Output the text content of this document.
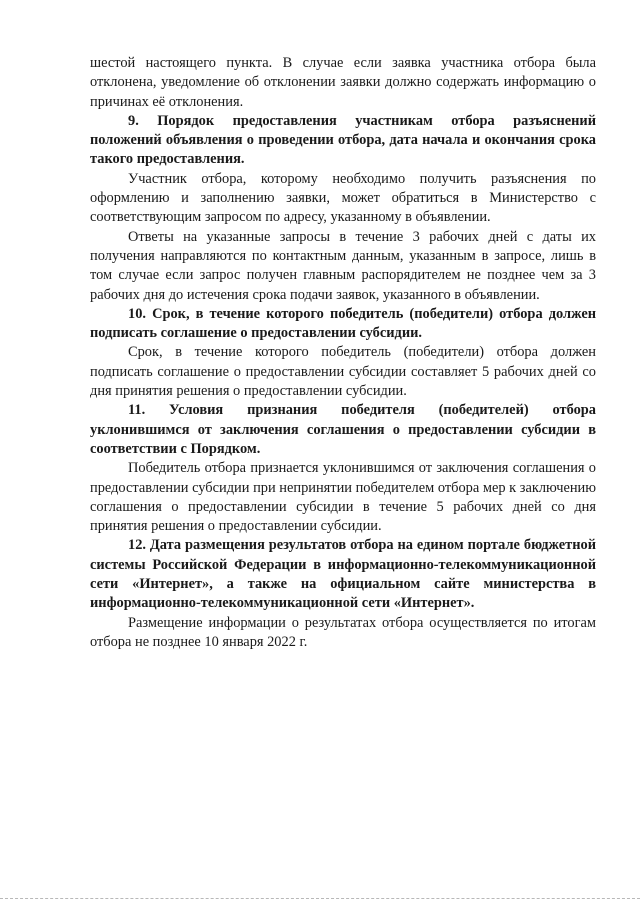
шестой настоящего пункта. В случае если заявка участника отбора была отклонена, уведомление об отклонении заявки должно содержать информацию о причинах её отклонения.

9. Порядок предоставления участникам отбора разъяснений положений объявления о проведении отбора, дата начала и окончания срока такого предоставления.

Участник отбора, которому необходимо получить разъяснения по оформлению и заполнению заявки, может обратиться в Министерство с соответствующим запросом по адресу, указанному в объявлении.

Ответы на указанные запросы в течение 3 рабочих дней с даты их получения направляются по контактным данным, указанным в запросе, лишь в том случае если запрос получен главным распорядителем не позднее чем за 3 рабочих дня до истечения срока подачи заявок, указанного в объявлении.

10. Срок, в течение которого победитель (победители) отбора должен подписать соглашение о предоставлении субсидии.

Срок, в течение которого победитель (победители) отбора должен подписать соглашение о предоставлении субсидии составляет 5 рабочих дней со дня принятия решения о предоставлении субсидии.

11. Условия признания победителя (победителей) отбора уклонившимся от заключения соглашения о предоставлении субсидии в соответствии с Порядком.

Победитель отбора признается уклонившимся от заключения соглашения о предоставлении субсидии при непринятии победителем отбора мер к заключению соглашения о предоставлении субсидии в течение 5 рабочих дней со дня принятия решения о предоставлении субсидии.

12. Дата размещения результатов отбора на едином портале бюджетной системы Российской Федерации в информационно-телекоммуникационной сети «Интернет», а также на официальном сайте министерства в информационно-телекоммуникационной сети «Интернет».

Размещение информации о результатах отбора осуществляется по итогам отбора не позднее 10 января 2022 г.
